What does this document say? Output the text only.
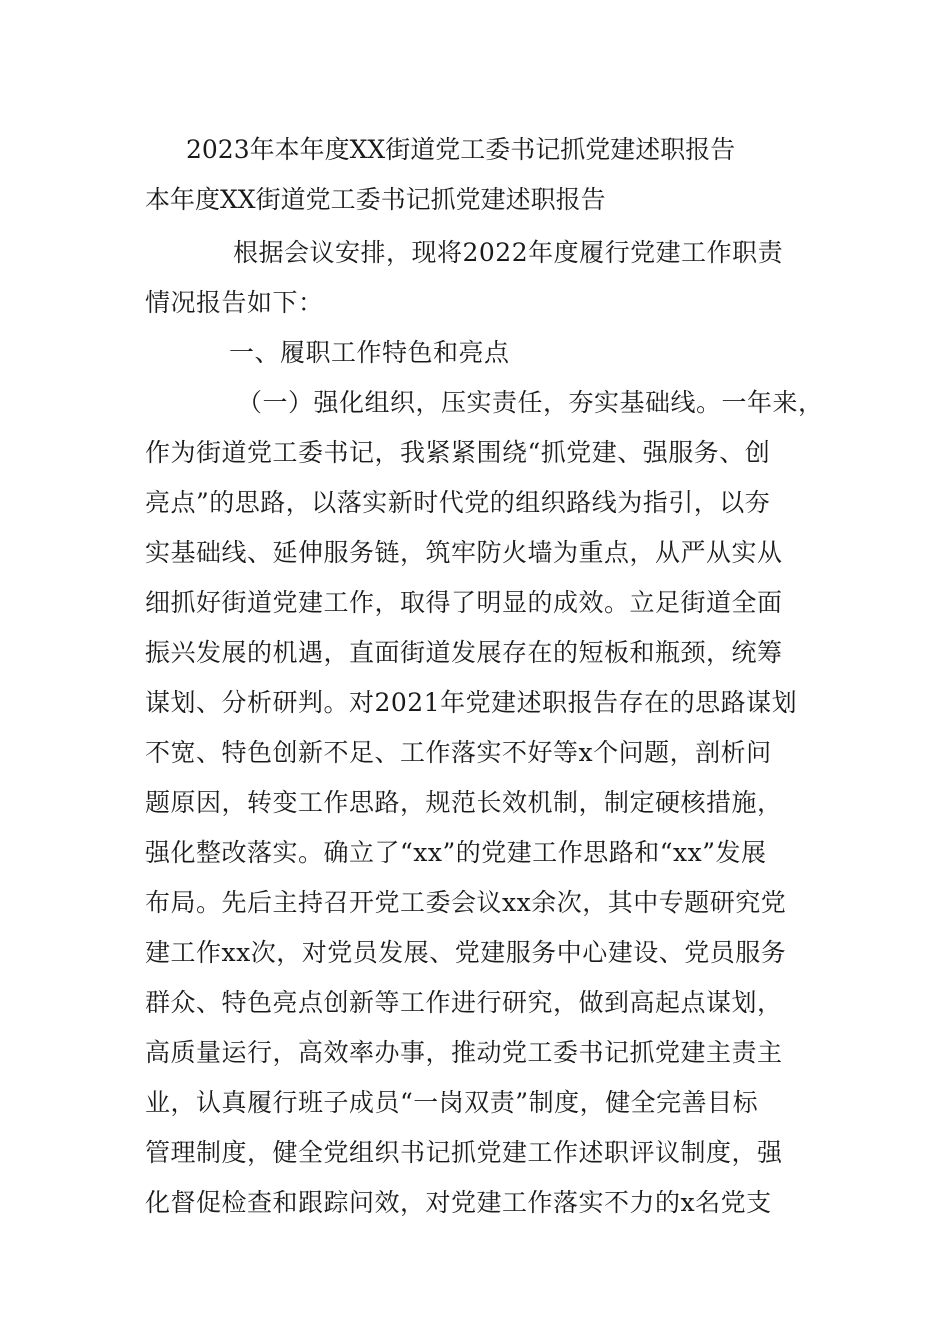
2023年本年度XX街道党工委书记抓党建述职报告
本年度XX街道党工委书记抓党建述职报告
根据会议安排，现将2022年度履行党建工作职责
情况报告如下：
一、履职工作特色和亮点
（一）强化组织，压实责任，夯实基础线。一年来，
作为街道党工委书记，我紧紧围绕“抓党建、强服务、创
亮点”的思路，以落实新时代党的组织路线为指引，以夯
实基础线、延伸服务链，筑牢防火墙为重点，从严从实从
细抓好街道党建工作，取得了明显的成效。立足街道全面
振兴发展的机遇，直面街道发展存在的短板和瓶颈，统筹
谋划、分析研判。对2021年党建述职报告存在的思路谋划
不宽、特色创新不足、工作落实不好等x个问题，剖析问
题原因，转变工作思路，规范长效机制，制定硬核措施，
强化整改落实。确立了“xx”的党建工作思路和“xx”发展
布局。先后主持召开党工委会议xx余次，其中专题研究党
建工作xx次，对党员发展、党建服务中心建设、党员服务
群众、特色亮点创新等工作进行研究，做到高起点谋划，
高质量运行，高效率办事，推动党工委书记抓党建主责主
业，认真履行班子成员“一岗双责”制度，健全完善目标
管理制度，健全党组织书记抓党建工作述职评议制度，强
化督促检查和跟踪问效，对党建工作落实不力的x名党支
